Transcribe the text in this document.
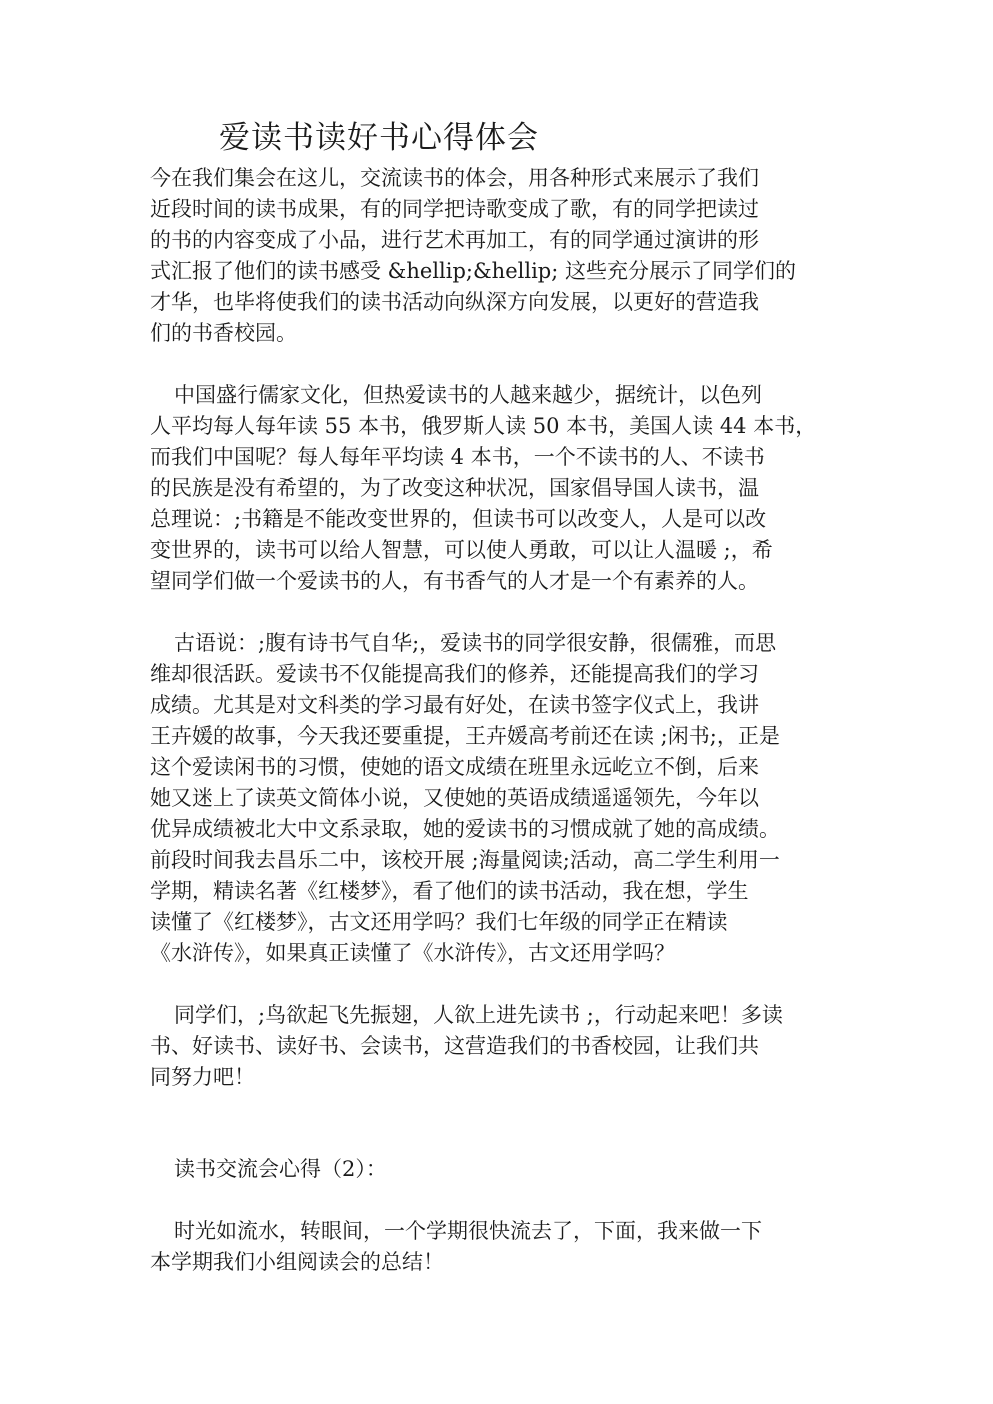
爱读书读好书心得体会
今在我们集会在这儿，交流读书的体会，用各种形式来展示了我们
近段时间的读书成果，有的同学把诗歌变成了歌，有的同学把读过
的书的内容变成了小品，进行艺术再加工，有的同学通过演讲的形
式汇报了他们的读书感受 &hellip;&hellip; 这些充分展示了同学们的
才华，也毕将使我们的读书活动向纵深方向发展，以更好的营造我
们的书香校园。
中国盛行儒家文化，但热爱读书的人越来越少，据统计，以色列
人平均每人每年读 55 本书，俄罗斯人读 50 本书，美国人读 44 本书，
而我们中国呢？每人每年平均读 4 本书，一个不读书的人、不读书
的民族是没有希望的，为了改变这种状况，国家倡导国人读书，温
总理说：;书籍是不能改变世界的，但读书可以改变人，人是可以改
变世界的，读书可以给人智慧，可以使人勇敢，可以让人温暖 ;，希
望同学们做一个爱读书的人，有书香气的人才是一个有素养的人。
古语说：;腹有诗书气自华;，爱读书的同学很安静，很儒雅，而思
维却很活跃。爱读书不仅能提高我们的修养，还能提高我们的学习
成绩。尤其是对文科类的学习最有好处，在读书签字仪式上，我讲
王卉媛的故事，今天我还要重提，王卉媛高考前还在读 ;闲书;，正是
这个爱读闲书的习惯，使她的语文成绩在班里永远屹立不倒，后来
她又迷上了读英文简体小说，又使她的英语成绩遥遥领先，今年以
优异成绩被北大中文系录取，她的爱读书的习惯成就了她的高成绩。
前段时间我去昌乐二中，该校开展 ;海量阅读;活动，高二学生利用一
学期，精读名著《红楼梦》，看了他们的读书活动，我在想，学生
读懂了《红楼梦》，古文还用学吗？我们七年级的同学正在精读
《水浒传》，如果真正读懂了《水浒传》，古文还用学吗？
同学们，;鸟欲起飞先振翅，人欲上进先读书 ;，行动起来吧！多读
书、好读书、读好书、会读书，这营造我们的书香校园，让我们共
同努力吧！
读书交流会心得（2）：
时光如流水，转眼间，一个学期很快流去了，下面，我来做一下
本学期我们小组阅读会的总结！
